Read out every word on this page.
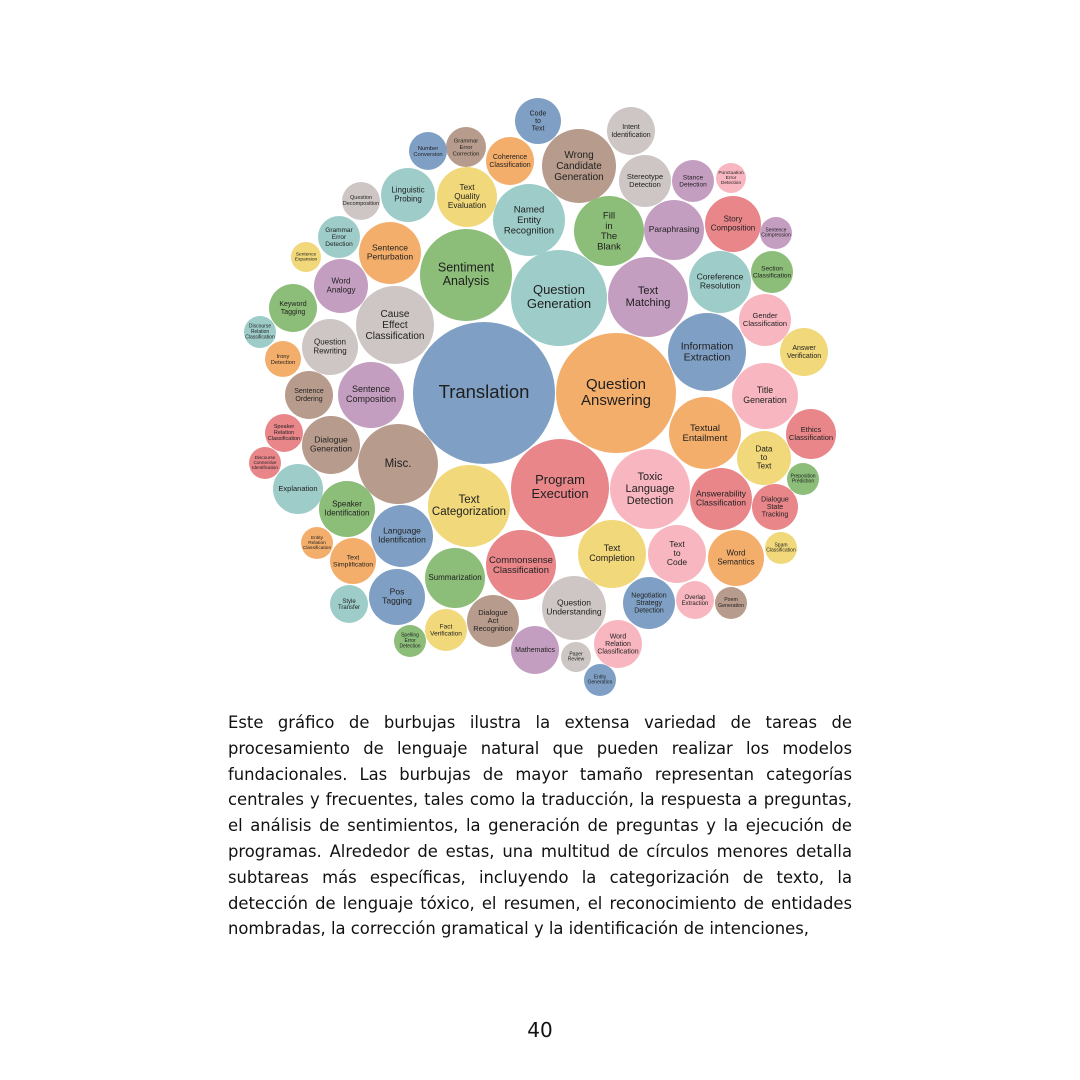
Translation	Question Answering
Program Execution
Question Generation
Sentiment Analysis
Misc.
Text Categorization
Toxic Language Detection
Text Matching
Cause Effect Classification
Information Extraction
Wrong Candidate Generation
Named Entity Recognition
Fill in The Blank
Textual Entailment
Commonsense Classification
Title Generation
Text Completion
Paraphrasing
Sentence Composition
Answerability Classification
Coreference Resolution
Question Understanding
Summarization
Language Identification
Sentence Perturbation
Dialogue Generation
Text to Code
Text Quality Evaluation
Question Rewriting
Pos Tagging
Story Composition
Linguistic Probing
Speaker Identification
Word Semantics
Word Analogy
Data to Text
Stereotype Detection
Gender Classification
Negotiation Strategy Detection
Dialogue Act Recognition
Ethics Classification
Code to Text
Coherence Classification
Answer Verification
Mathematics
Explanation
Intent Identification
Keyword Tagging
Sentence Ordering
Word Relation Classification
Dialogue State Tracking
Stance Detection
Section Classification
Grammar Error Detection
Text Simplification
Fact Verification
Grammar Error Correction
Number Conversion
Question Decomposition
Style Transfer
Speaker Relation Classification
Overlap Extraction
Irony Detection
Poem Generation
Spelling Error Detection
Discourse Relation Classification
Sentence Compression
Preposition Prediction
Paper Review
Entity Relation Classification
Spam Classification
Sentence Expansion
Discourse Connective Identification
Punctuation Error Detection
Entity Generation

Este gráfico de burbujas ilustra la extensa variedad de tareas de procesamiento de lenguaje natural que pueden realizar los modelos fundacionales. Las burbujas de mayor tamaño representan categorías centrales y frecuentes, tales como la traducción, la respuesta a preguntas, el análisis de sentimientos, la generación de preguntas y la ejecución de programas. Alrededor de estas, una multitud de círculos menores detalla subtareas más específicas, incluyendo la categorización de texto, la detección de lenguaje tóxico, el resumen, el reconocimiento de entidades nombradas, la corrección gramatical y la identificación de intenciones,

40
